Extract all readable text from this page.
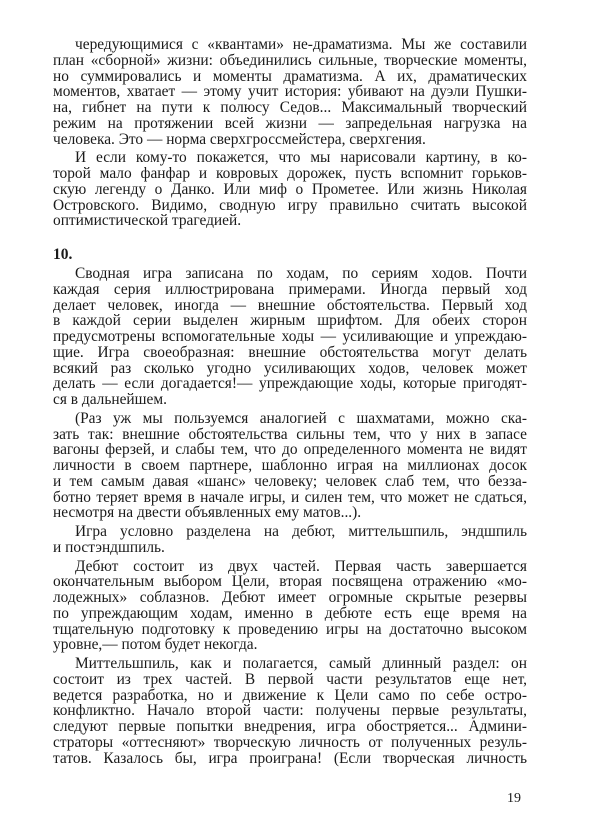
чередующимися с «квантами» не-драматизма. Мы же составили
план «сборной» жизни: объединились сильные, творческие моменты,
но суммировались и моменты драматизма. А их, драматических
моментов, хватает — этому учит история: убивают на дуэли Пушки-
на, гибнет на пути к полюсу Седов... Максимальный творческий
режим на протяжении всей жизни — запредельная нагрузка на
человека. Это — норма сверхгроссмейстера, сверхгения.
И если кому-то покажется, что мы нарисовали картину, в ко-
торой мало фанфар и ковровых дорожек, пусть вспомнит горьков-
скую легенду о Данко. Или миф о Прометее. Или жизнь Николая
Островского. Видимо, сводную игру правильно считать высокой
оптимистической трагедией.
10.
Сводная игра записана по ходам, по сериям ходов. Почти
каждая серия иллюстрирована примерами. Иногда первый ход
делает человек, иногда — внешние обстоятельства. Первый ход
в каждой серии выделен жирным шрифтом. Для обеих сторон
предусмотрены вспомогательные ходы — усиливающие и упреждаю-
щие. Игра своеобразная: внешние обстоятельства могут делать
всякий раз сколько угодно усиливающих ходов, человек может
делать — если догадается!— упреждающие ходы, которые пригодят-
ся в дальнейшем.
(Раз уж мы пользуемся аналогией с шахматами, можно ска-
зать так: внешние обстоятельства сильны тем, что у них в запасе
вагоны ферзей, и слабы тем, что до определенного момента не видят
личности в своем партнере, шаблонно играя на миллионах досок
и тем самым давая «шанс» человеку; человек слаб тем, что безза-
ботно теряет время в начале игры, и силен тем, что может не сдаться,
несмотря на двести объявленных ему матов...).
Игра условно разделена на дебют, миттельшпиль, эндшпиль
и постэндшпиль.
Дебют состоит из двух частей. Первая часть завершается
окончательным выбором Цели, вторая посвящена отражению «мо-
лодежных» соблазнов. Дебют имеет огромные скрытые резервы
по упреждающим ходам, именно в дебюте есть еще время на
тщательную подготовку к проведению игры на достаточно высоком
уровне,— потом будет некогда.
Миттельшпиль, как и полагается, самый длинный раздел: он
состоит из трех частей. В первой части результатов еще нет,
ведется разработка, но и движение к Цели само по себе остро-
конфликтно. Начало второй части: получены первые результаты,
следуют первые попытки внедрения, игра обостряется... Админи-
страторы «оттесняют» творческую личность от полученных резуль-
татов. Казалось бы, игра проиграна! (Если творческая личность
19
